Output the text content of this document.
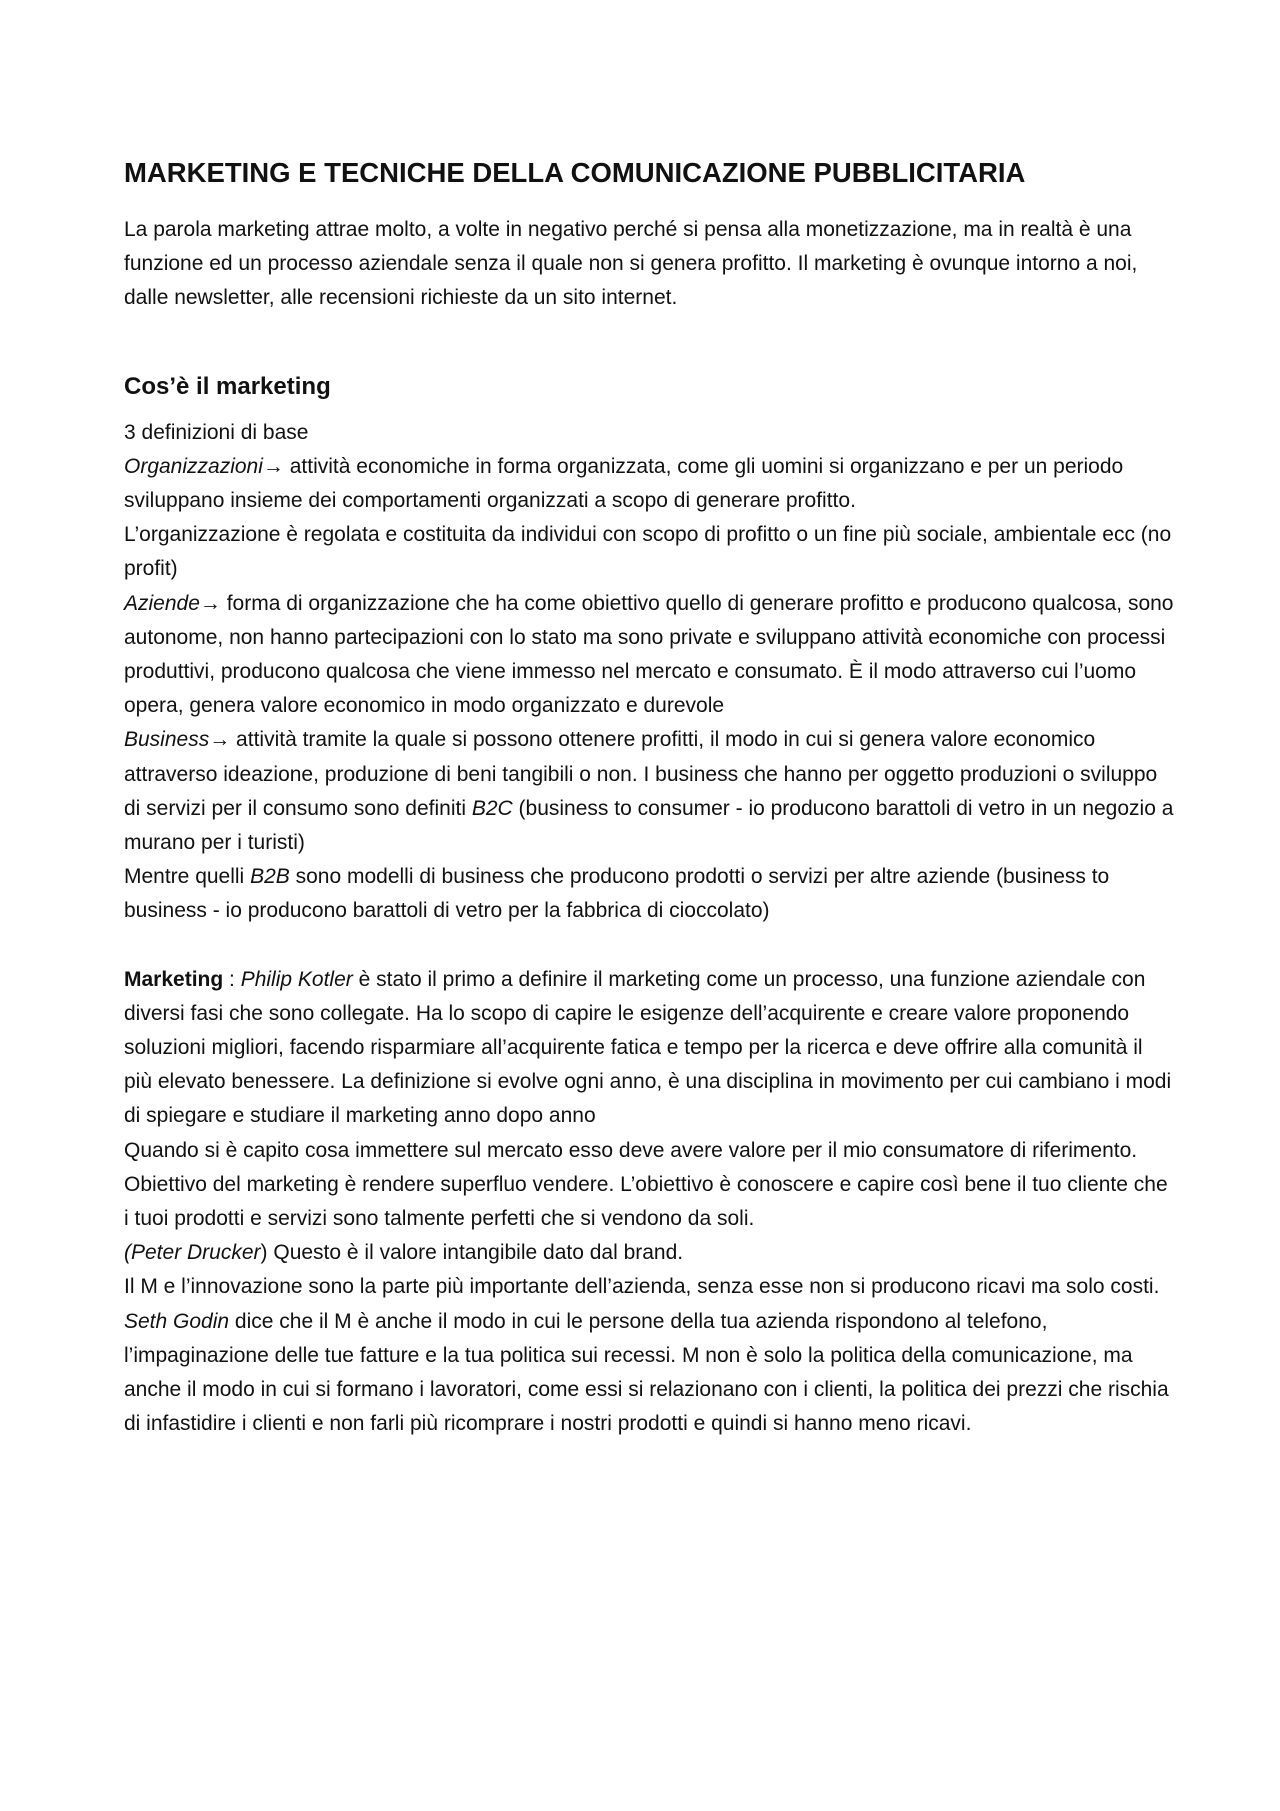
MARKETING E TECNICHE DELLA COMUNICAZIONE PUBBLICITARIA

La parola marketing attrae molto, a volte in negativo perché si pensa alla monetizzazione, ma in realtà è una funzione ed un processo aziendale senza il quale non si genera profitto. Il marketing è ovunque intorno a noi, dalle newsletter, alle recensioni richieste da un sito internet.

Cos’è il marketing

3 definizioni di base

Organizzazioni→ attività economiche in forma organizzata, come gli uomini si organizzano e per un periodo sviluppano insieme dei comportamenti organizzati a scopo di generare profitto.

L’organizzazione è regolata e costituita da individui con scopo di profitto o un fine più sociale, ambientale ecc (no profit)

Aziende→ forma di organizzazione che ha come obiettivo quello di generare profitto e producono qualcosa, sono autonome, non hanno partecipazioni con lo stato ma sono private e sviluppano attività economiche con processi produttivi, producono qualcosa che viene immesso nel mercato e consumato. È il modo attraverso cui l’uomo opera, genera valore economico in modo organizzato e durevole

Business→ attività tramite la quale si possono ottenere profitti, il modo in cui si genera valore economico attraverso ideazione, produzione di beni tangibili o non. I business che hanno per oggetto produzioni o sviluppo di servizi per il consumo sono definiti B2C (business to consumer - io producono barattoli di vetro in un negozio a murano per i turisti)

Mentre quelli B2B sono modelli di business che producono prodotti o servizi per altre aziende (business to business - io producono barattoli di vetro per la fabbrica di cioccolato)

Marketing : Philip Kotler è stato il primo a definire il marketing come un processo, una funzione aziendale con diversi fasi che sono collegate. Ha lo scopo di capire le esigenze dell’acquirente e creare valore proponendo soluzioni migliori, facendo risparmiare all’acquirente fatica e tempo per la ricerca e deve offrire alla comunità il più elevato benessere. La definizione si evolve ogni anno, è una disciplina in movimento per cui cambiano i modi di spiegare e studiare il marketing anno dopo anno

Quando si è capito cosa immettere sul mercato esso deve avere valore per il mio consumatore di riferimento. Obiettivo del marketing è rendere superfluo vendere. L’obiettivo è conoscere e capire così bene il tuo cliente che i tuoi prodotti e servizi sono talmente perfetti che si vendono da soli.

(Peter Drucker) Questo è il valore intangibile dato dal brand.

Il M e l’innovazione sono la parte più importante dell’azienda, senza esse non si producono ricavi ma solo costi.

Seth Godin dice che il M è anche il modo in cui le persone della tua azienda rispondono al telefono, l’impaginazione delle tue fatture e la tua politica sui recessi. M non è solo la politica della comunicazione, ma anche il modo in cui si formano i lavoratori, come essi si relazionano con i clienti, la politica dei prezzi che rischia di infastidire i clienti e non farli più ricomprare i nostri prodotti e quindi si hanno meno ricavi.
